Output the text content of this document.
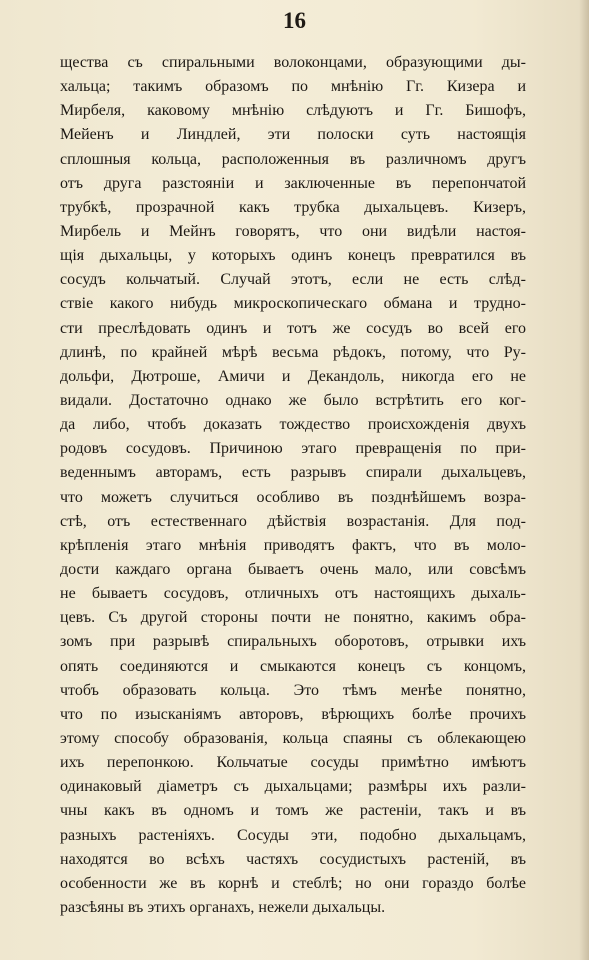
16
щества съ спиральными волоконцами, образующими ды-
хальца; такимъ образомъ по мнѣнію Гг. Кизера и
Мирбеля, каковому мнѣнію слѣдуютъ и Гг. Бишофъ,
Мейенъ и Линдлей, эти полоски суть настоящія
сплошныя кольца, расположенныя въ различномъ другъ
отъ друга разстояніи и заключенные въ перепончатой
трубкѣ, прозрачной какъ трубка дыхальцевъ. Кизеръ,
Мирбель и Мейнъ говорятъ, что они видѣли настоя-
щія дыхальцы, у которыхъ одинъ конецъ превратился въ
сосудъ кольчатый. Случай этотъ, если не есть слѣд-
ствіе какого нибудь микроскопическаго обмана и трудно-
сти преслѣдовать одинъ и тотъ же сосудъ во всей его
длинѣ, по крайней мѣрѣ весьма рѣдокъ, потому, что Ру-
дольфи, Дютроше, Амичи и Декандоль, никогда его не
видали. Достаточно однако же было встрѣтить его ког-
да либо, чтобъ доказать тождество происхожденія двухъ
родовъ сосудовъ. Причиною этаго превращенія по при-
веденнымъ авторамъ, есть разрывъ спирали дыхальцевъ,
что можетъ случиться особливо въ позднѣйшемъ возра-
стѣ, отъ естественнаго дѣйствія возрастанія. Для под-
крѣпленія этаго мнѣнія приводятъ фактъ, что въ моло-
дости каждаго органа бываетъ очень мало, или совсѣмъ
не бываетъ сосудовъ, отличныхъ отъ настоящихъ дыхаль-
цевъ. Съ другой стороны почти не понятно, какимъ обра-
зомъ при разрывѣ спиральныхъ оборотовъ, отрывки ихъ
опять соединяются и смыкаются конецъ съ концомъ,
чтобъ образовать кольца. Это тѣмъ менѣе понятно,
что по изысканіямъ авторовъ, вѣрющихъ болѣе прочихъ
этому способу образованія, кольца спаяны съ облекающею
ихъ перепонкою. Кольчатые сосуды примѣтно имѣютъ
одинаковый діаметръ съ дыхальцами; размѣры ихъ разли-
чны какъ въ одномъ и томъ же растеніи, такъ и въ
разныхъ растеніяхъ. Сосуды эти, подобно дыхальцамъ,
находятся во всѣхъ частяхъ сосудистыхъ растеній, въ
особенности же въ корнѣ и стеблѣ; но они гораздо болѣе
разсѣяны въ этихъ органахъ, нежели дыхальцы.
